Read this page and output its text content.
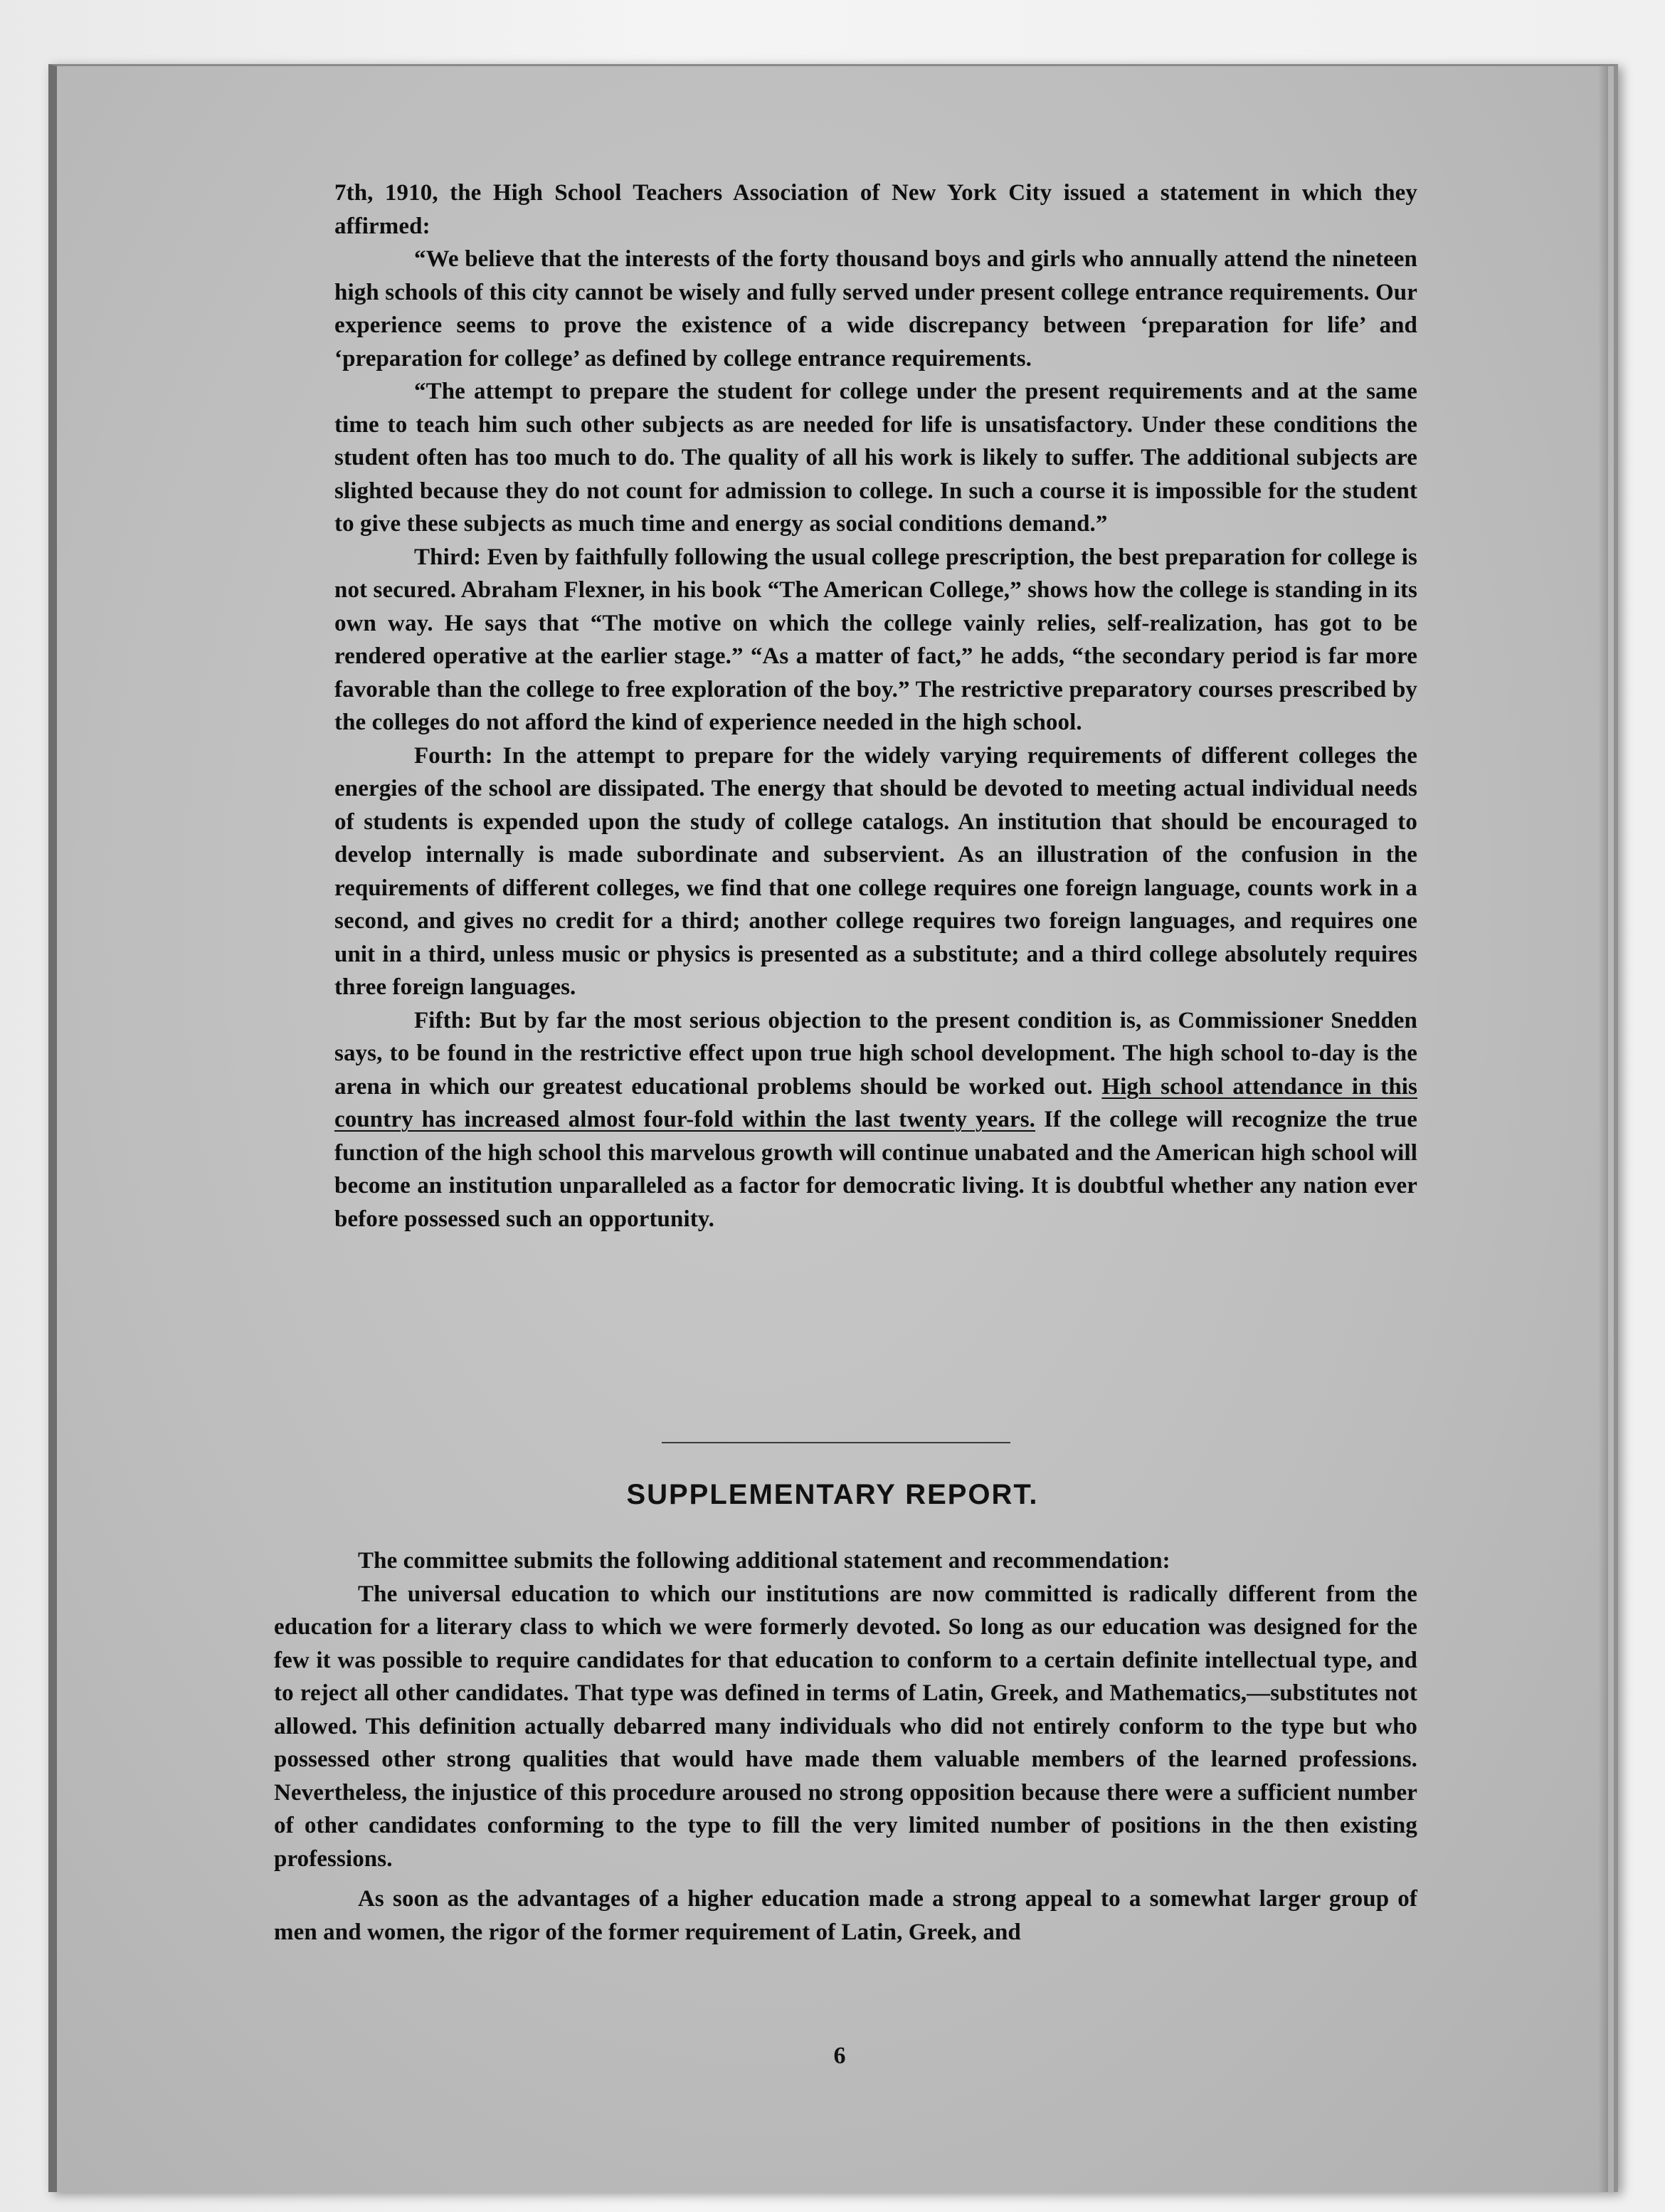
7th, 1910, the High School Teachers Association of New York City issued a statement in which they affirmed:

“We believe that the interests of the forty thousand boys and girls who annually attend the nineteen high schools of this city cannot be wisely and fully served under present college entrance requirements. Our experience seems to prove the existence of a wide discrepancy between ‘preparation for life’ and ‘preparation for college’ as defined by college entrance requirements.

“The attempt to prepare the student for college under the present requirements and at the same time to teach him such other subjects as are needed for life is unsatisfactory. Under these conditions the student often has too much to do. The quality of all his work is likely to suffer. The additional subjects are slighted because they do not count for admission to college. In such a course it is impossible for the student to give these subjects as much time and energy as social conditions demand.”

Third: Even by faithfully following the usual college prescription, the best preparation for college is not secured. Abraham Flexner, in his book “The American College,” shows how the college is standing in its own way. He says that “The motive on which the college vainly relies, self-realization, has got to be rendered operative at the earlier stage.” “As a matter of fact,” he adds, “the secondary period is far more favorable than the college to free exploration of the boy.” The restrictive preparatory courses prescribed by the colleges do not afford the kind of experience needed in the high school.

Fourth: In the attempt to prepare for the widely varying requirements of different colleges the energies of the school are dissipated. The energy that should be devoted to meeting actual individual needs of students is expended upon the study of college catalogs. An institution that should be encouraged to develop internally is made subordinate and subservient. As an illustration of the confusion in the requirements of different colleges, we find that one college requires one foreign language, counts work in a second, and gives no credit for a third; another college requires two foreign languages, and requires one unit in a third, unless music or physics is presented as a substitute; and a third college absolutely requires three foreign languages.

Fifth: But by far the most serious objection to the present condition is, as Commissioner Snedden says, to be found in the restrictive effect upon true high school development. The high school to-day is the arena in which our greatest educational problems should be worked out. High school attendance in this country has increased almost four-fold within the last twenty years. If the college will recognize the true function of the high school this marvelous growth will continue unabated and the American high school will become an institution unparalleled as a factor for democratic living. It is doubtful whether any nation ever before possessed such an opportunity.

SUPPLEMENTARY REPORT.

The committee submits the following additional statement and recommendation:

The universal education to which our institutions are now committed is radically different from the education for a literary class to which we were formerly devoted. So long as our education was designed for the few it was possible to require candidates for that education to conform to a certain definite intellectual type, and to reject all other candidates. That type was defined in terms of Latin, Greek, and Mathematics,—substitutes not allowed. This definition actually debarred many individuals who did not entirely conform to the type but who possessed other strong qualities that would have made them valuable members of the learned professions. Nevertheless, the injustice of this procedure aroused no strong opposition because there were a sufficient number of other candidates conforming to the type to fill the very limited number of positions in the then existing professions.

As soon as the advantages of a higher education made a strong appeal to a somewhat larger group of men and women, the rigor of the former requirement of Latin, Greek, and

6
